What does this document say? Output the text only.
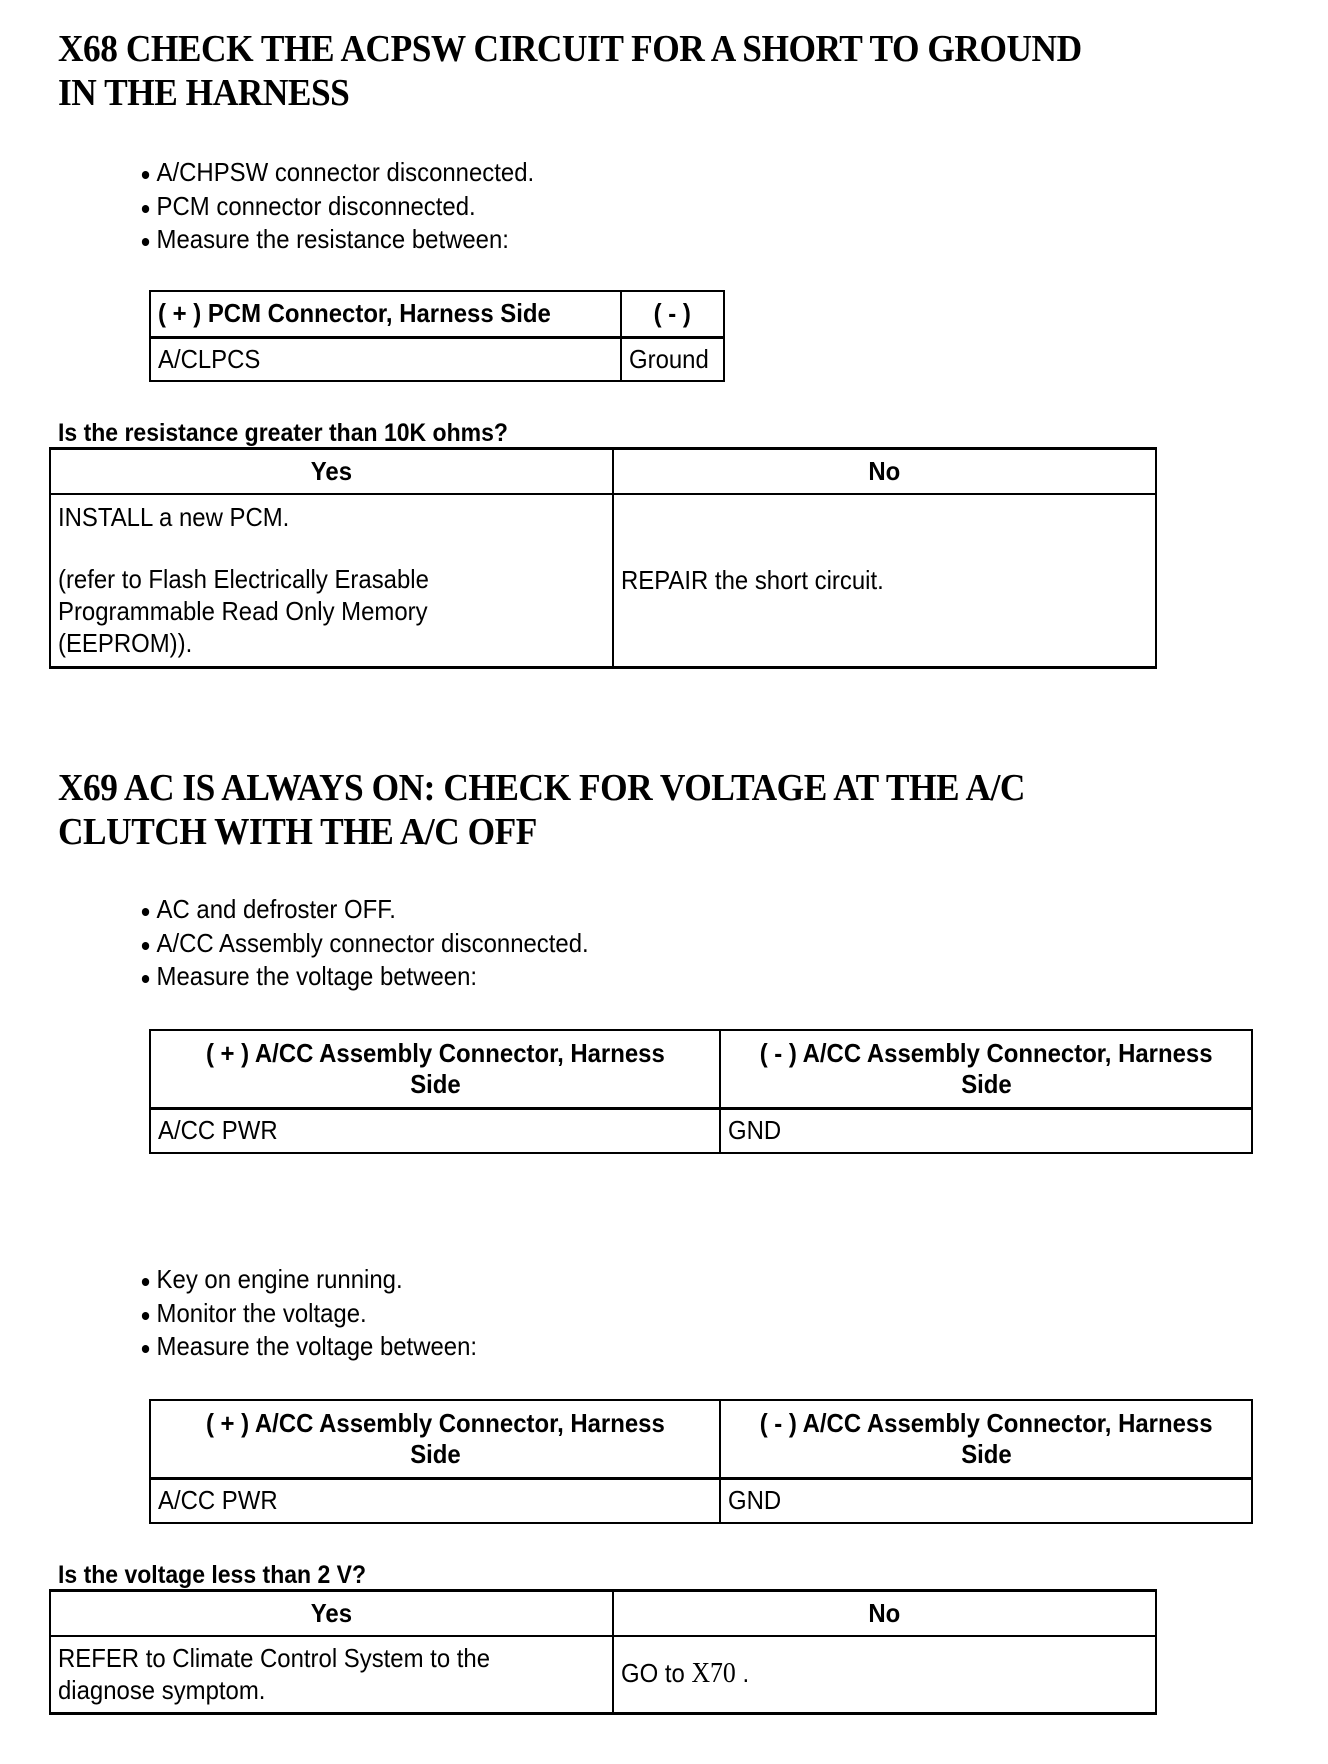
X68 CHECK THE ACPSW CIRCUIT FOR A SHORT TO GROUND
IN THE HARNESS
A/CHPSW connector disconnected.
PCM connector disconnected.
Measure the resistance between:
( + ) PCM Connector, Harness Side	( - )
A/CLPCS	Ground

Is the resistance greater than 10K ohms?

Yes	No
INSTALL a new PCM.

(refer to Flash Electrically Erasable
Programmable Read Only Memory
(EEPROM)).	REPAIR the short circuit.
X69 AC IS ALWAYS ON: CHECK FOR VOLTAGE AT THE A/C
CLUTCH WITH THE A/C OFF
AC and defroster OFF.
A/CC Assembly connector disconnected.
Measure the voltage between:
( + ) A/CC Assembly Connector, Harness
Side	( - ) A/CC Assembly Connector, Harness
Side
A/CC PWR	GND
Key on engine running.
Monitor the voltage.
Measure the voltage between:
( + ) A/CC Assembly Connector, Harness
Side	( - ) A/CC Assembly Connector, Harness
Side
A/CC PWR	GND

Is the voltage less than 2 V?

Yes	No
REFER to Climate Control System to the
diagnose symptom.	GO to X70 .
